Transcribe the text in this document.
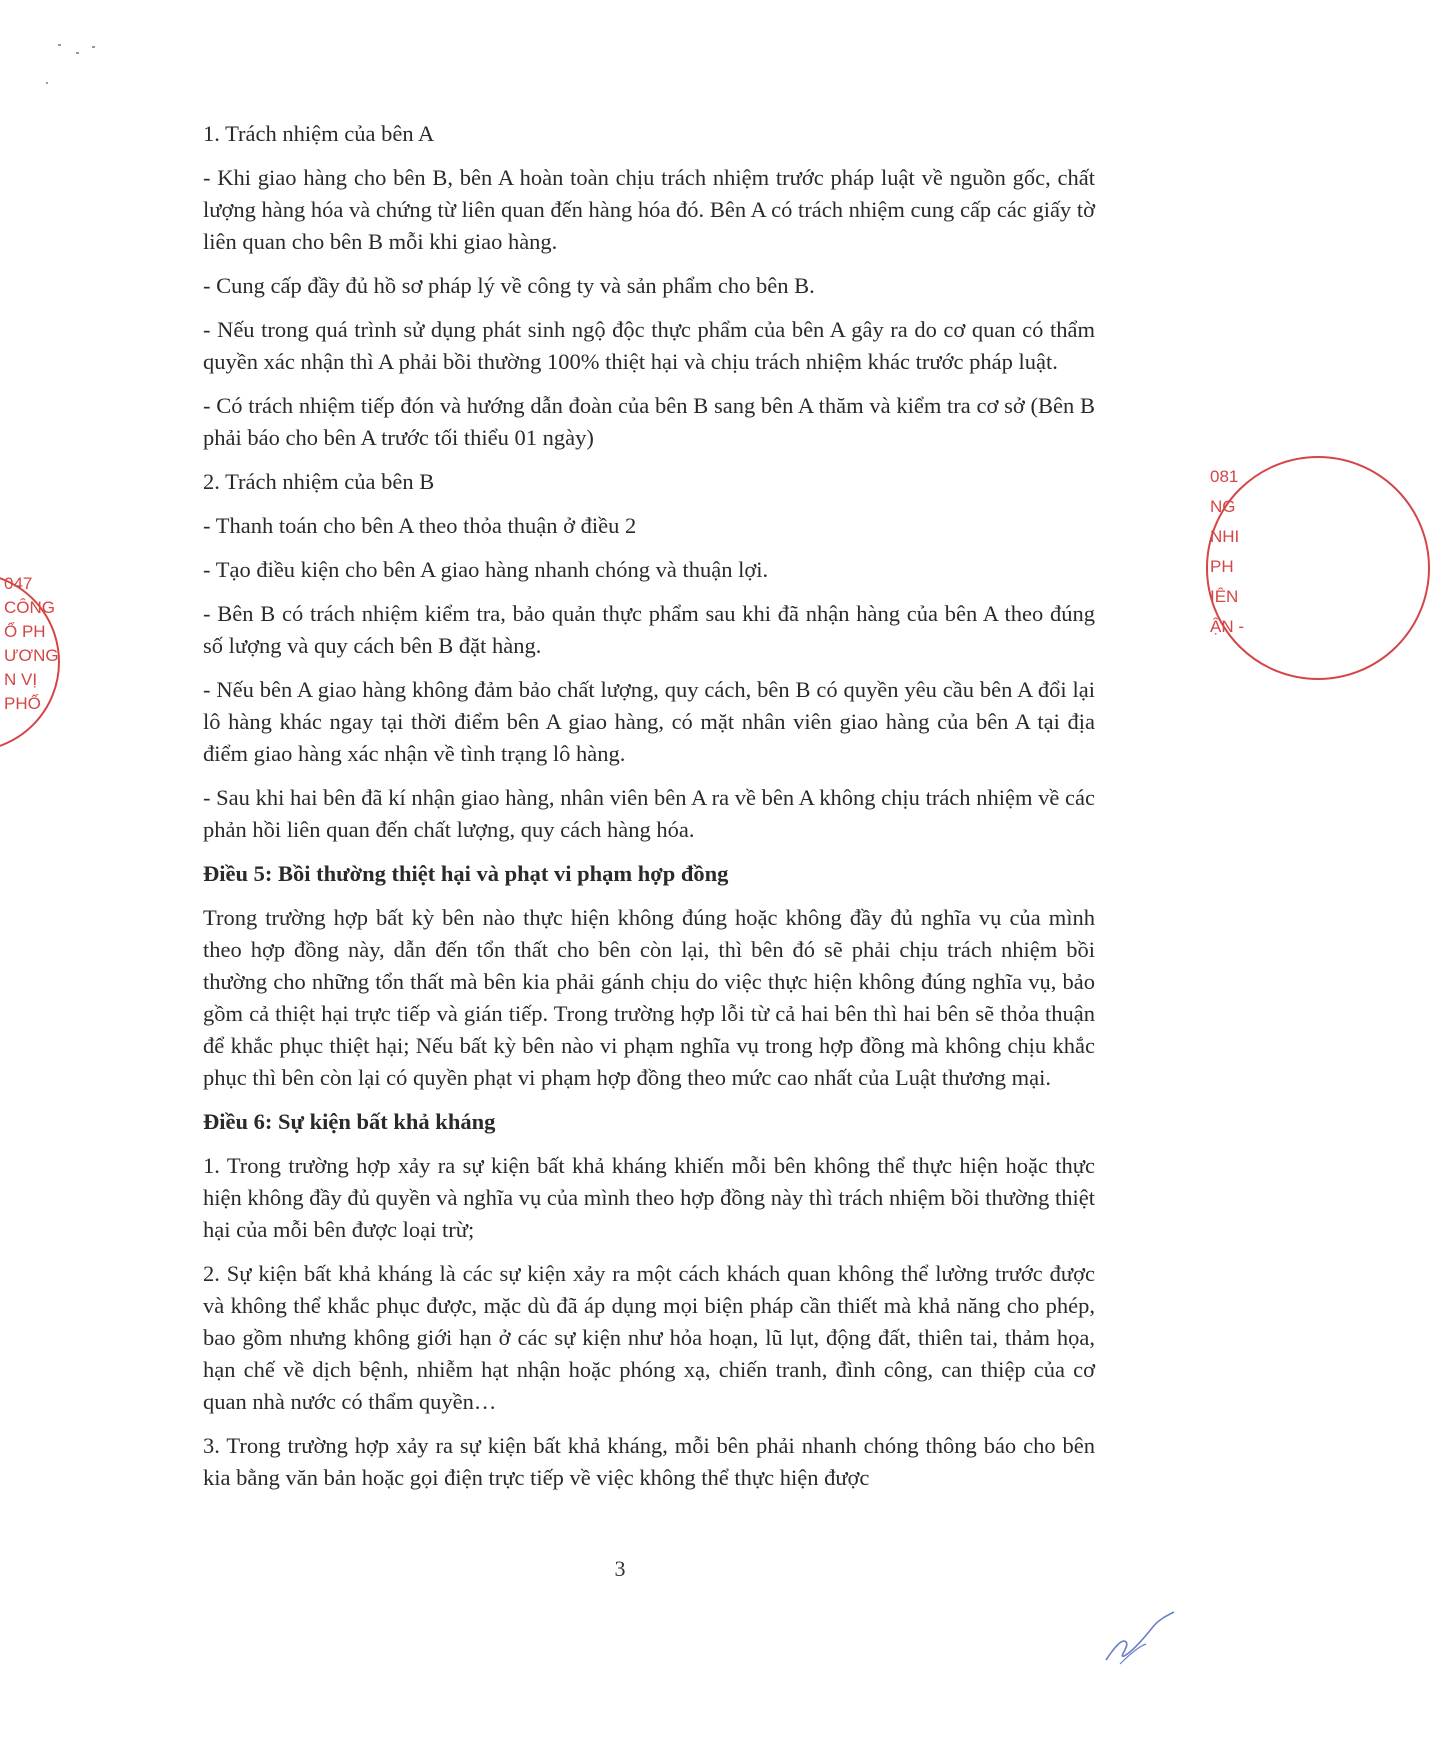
047
CÔNG
Ổ PH
ƯƠNG
N VỊ
PHỐ
081
NG
NHI
PH
IÊN
ẬN -

1. Trách nhiệm của bên A

- Khi giao hàng cho bên B, bên A hoàn toàn chịu trách nhiệm trước pháp luật về nguồn gốc, chất lượng hàng hóa và chứng từ liên quan đến hàng hóa đó. Bên A có trách nhiệm cung cấp các giấy tờ liên quan cho bên B mỗi khi giao hàng.

- Cung cấp đầy đủ hồ sơ pháp lý về công ty và sản phẩm cho bên B.

- Nếu trong quá trình sử dụng phát sinh ngộ độc thực phẩm của bên A gây ra do cơ quan có thẩm quyền xác nhận thì A phải bồi thường 100% thiệt hại và chịu trách nhiệm khác trước pháp luật.

- Có trách nhiệm tiếp đón và hướng dẫn đoàn của bên B sang bên A thăm và kiểm tra cơ sở (Bên B phải báo cho bên A trước tối thiểu 01 ngày)

2. Trách nhiệm của bên B

- Thanh toán cho bên A theo thỏa thuận ở điều 2

- Tạo điều kiện cho bên A giao hàng nhanh chóng và thuận lợi.

- Bên B có trách nhiệm kiểm tra, bảo quản thực phẩm sau khi đã nhận hàng của bên A theo đúng số lượng và quy cách bên B đặt hàng.

- Nếu bên A giao hàng không đảm bảo chất lượng, quy cách, bên B có quyền yêu cầu bên A đổi lại lô hàng khác ngay tại thời điểm bên A giao hàng, có mặt nhân viên giao hàng của bên A tại địa điểm giao hàng xác nhận về tình trạng lô hàng.

- Sau khi hai bên đã kí nhận giao hàng, nhân viên bên A ra về bên A không chịu trách nhiệm về các phản hồi liên quan đến chất lượng, quy cách hàng hóa.

Điều 5: Bồi thường thiệt hại và phạt vi phạm hợp đồng

Trong trường hợp bất kỳ bên nào thực hiện không đúng hoặc không đầy đủ nghĩa vụ của mình theo hợp đồng này, dẫn đến tổn thất cho bên còn lại, thì bên đó sẽ phải chịu trách nhiệm bồi thường cho những tổn thất mà bên kia phải gánh chịu do việc thực hiện không đúng nghĩa vụ, bảo gồm cả thiệt hại trực tiếp và gián tiếp. Trong trường hợp lỗi từ cả hai bên thì hai bên sẽ thỏa thuận để khắc phục thiệt hại; Nếu bất kỳ bên nào vi phạm nghĩa vụ trong hợp đồng mà không chịu khắc phục thì bên còn lại có quyền phạt vi phạm hợp đồng theo mức cao nhất của Luật thương mại.

Điều 6: Sự kiện bất khả kháng

1. Trong trường hợp xảy ra sự kiện bất khả kháng khiến mỗi bên không thể thực hiện hoặc thực hiện không đầy đủ quyền và nghĩa vụ của mình theo hợp đồng này thì trách nhiệm bồi thường thiệt hại của mỗi bên được loại trừ;

2. Sự kiện bất khả kháng là các sự kiện xảy ra một cách khách quan không thể lường trước được và không thể khắc phục được, mặc dù đã áp dụng mọi biện pháp cần thiết mà khả năng cho phép, bao gồm nhưng không giới hạn ở các sự kiện như hỏa hoạn, lũ lụt, động đất, thiên tai, thảm họa, hạn chế về dịch bệnh, nhiễm hạt nhận hoặc phóng xạ, chiến tranh, đình công, can thiệp của cơ quan nhà nước có thẩm quyền…

3. Trong trường hợp xảy ra sự kiện bất khả kháng, mỗi bên phải nhanh chóng thông báo cho bên kia bằng văn bản hoặc gọi điện trực tiếp về việc không thể thực hiện được

3
